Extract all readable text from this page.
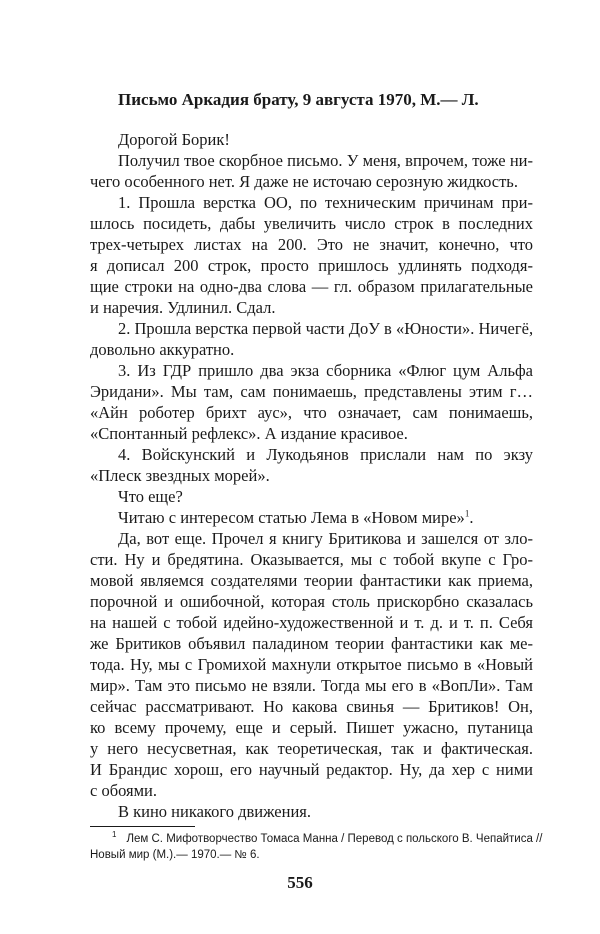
Письмо Аркадия брату, 9 августа 1970, М.— Л.
Дорогой Борик!
Получил твое скорбное письмо. У меня, впрочем, тоже ни-
чего особенного нет. Я даже не источаю серозную жидкость.
1. Прошла верстка ОО, по техническим причинам при-
шлось посидеть, дабы увеличить число строк в последних
трех-четырех листах на 200. Это не значит, конечно, что
я дописал 200 строк, просто пришлось удлинять подходя-
щие строки на одно-два слова — гл. образом прилагательные
и наречия. Удлинил. Сдал.
2. Прошла верстка первой части ДоУ в «Юности». Ничегё,
довольно аккуратно.
3. Из ГДР пришло два экза сборника «Флюг цум Альфа
Эридани». Мы там, сам понимаешь, представлены этим г…
«Айн роботер брихт аус», что означает, сам понимаешь,
«Спонтанный рефлекс». А издание красивое.
4. Войскунский и Лукодьянов прислали нам по экзу
«Плеск звездных морей».
Что еще?
Читаю с интересом статью Лема в «Новом мире»$^1$.
Да, вот еще. Прочел я книгу Бритикова и зашелся от зло-
сти. Ну и бредятина. Оказывается, мы с тобой вкупе с Гро-
мовой являемся создателями теории фантастики как приема,
порочной и ошибочной, которая столь прискорбно сказалась
на нашей с тобой идейно-художественной и т. д. и т. п. Себя
же Бритиков объявил паладином теории фантастики как ме-
тода. Ну, мы с Громихой махнули открытое письмо в «Новый
мир». Там это письмо не взяли. Тогда мы его в «ВопЛи». Там
сейчас рассматривают. Но какова свинья — Бритиков! Он,
ко всему прочему, еще и серый. Пишет ужасно, путаница
у него несусветная, как теоретическая, так и фактическая.
И Брандис хорош, его научный редактор. Ну, да хер с ними
с обоями.
В кино никакого движения.
$^1$ Лем С. Мифотворчество Томаса Манна / Перевод с польского В. Чепайтиса //
Новый мир (М.).— 1970.— № 6.
556
